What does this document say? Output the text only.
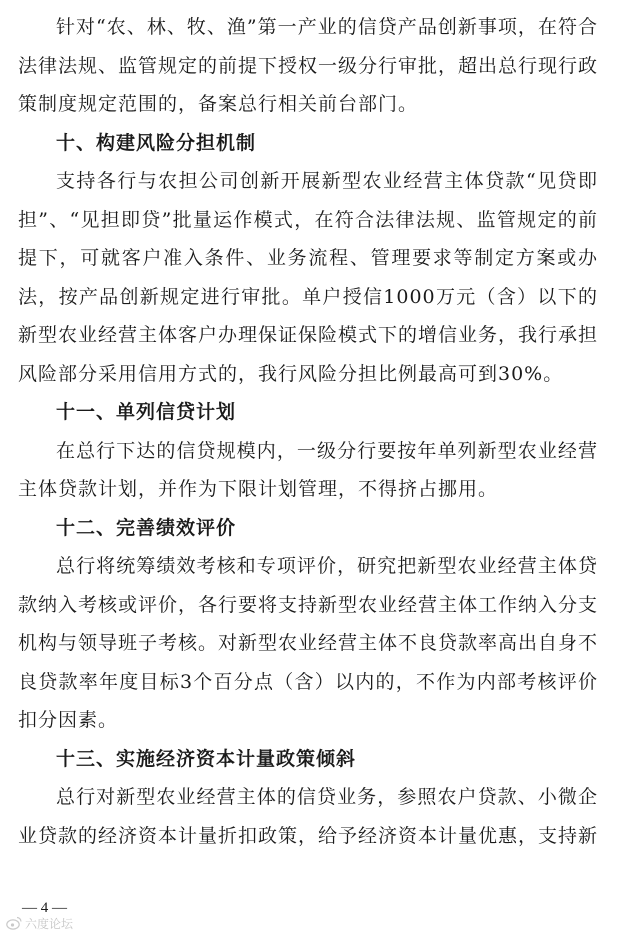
针对“农、林、牧、渔”第一产业的信贷产品创新事项，在符合法律法规、监管规定的前提下授权一级分行审批，超出总行现行政策制度规定范围的，备案总行相关前台部门。

十、构建风险分担机制

支持各行与农担公司创新开展新型农业经营主体贷款“见贷即担”、“见担即贷”批量运作模式，在符合法律法规、监管规定的前提下，可就客户准入条件、业务流程、管理要求等制定方案或办法，按产品创新规定进行审批。单户授信1000万元（含）以下的新型农业经营主体客户办理保证保险模式下的增信业务，我行承担风险部分采用信用方式的，我行风险分担比例最高可到30%。

十一、单列信贷计划

在总行下达的信贷规模内，一级分行要按年单列新型农业经营主体贷款计划，并作为下限计划管理，不得挤占挪用。

十二、完善绩效评价

总行将统筹绩效考核和专项评价，研究把新型农业经营主体贷款纳入考核或评价，各行要将支持新型农业经营主体工作纳入分支机构与领导班子考核。对新型农业经营主体不良贷款率高出自身不良贷款率年度目标3个百分点（含）以内的，不作为内部考核评价扣分因素。

十三、实施经济资本计量政策倾斜

总行对新型农业经营主体的信贷业务，参照农户贷款、小微企业贷款的经济资本计量折扣政策，给予经济资本计量优惠，支持新

— 4 —
六度论坛
